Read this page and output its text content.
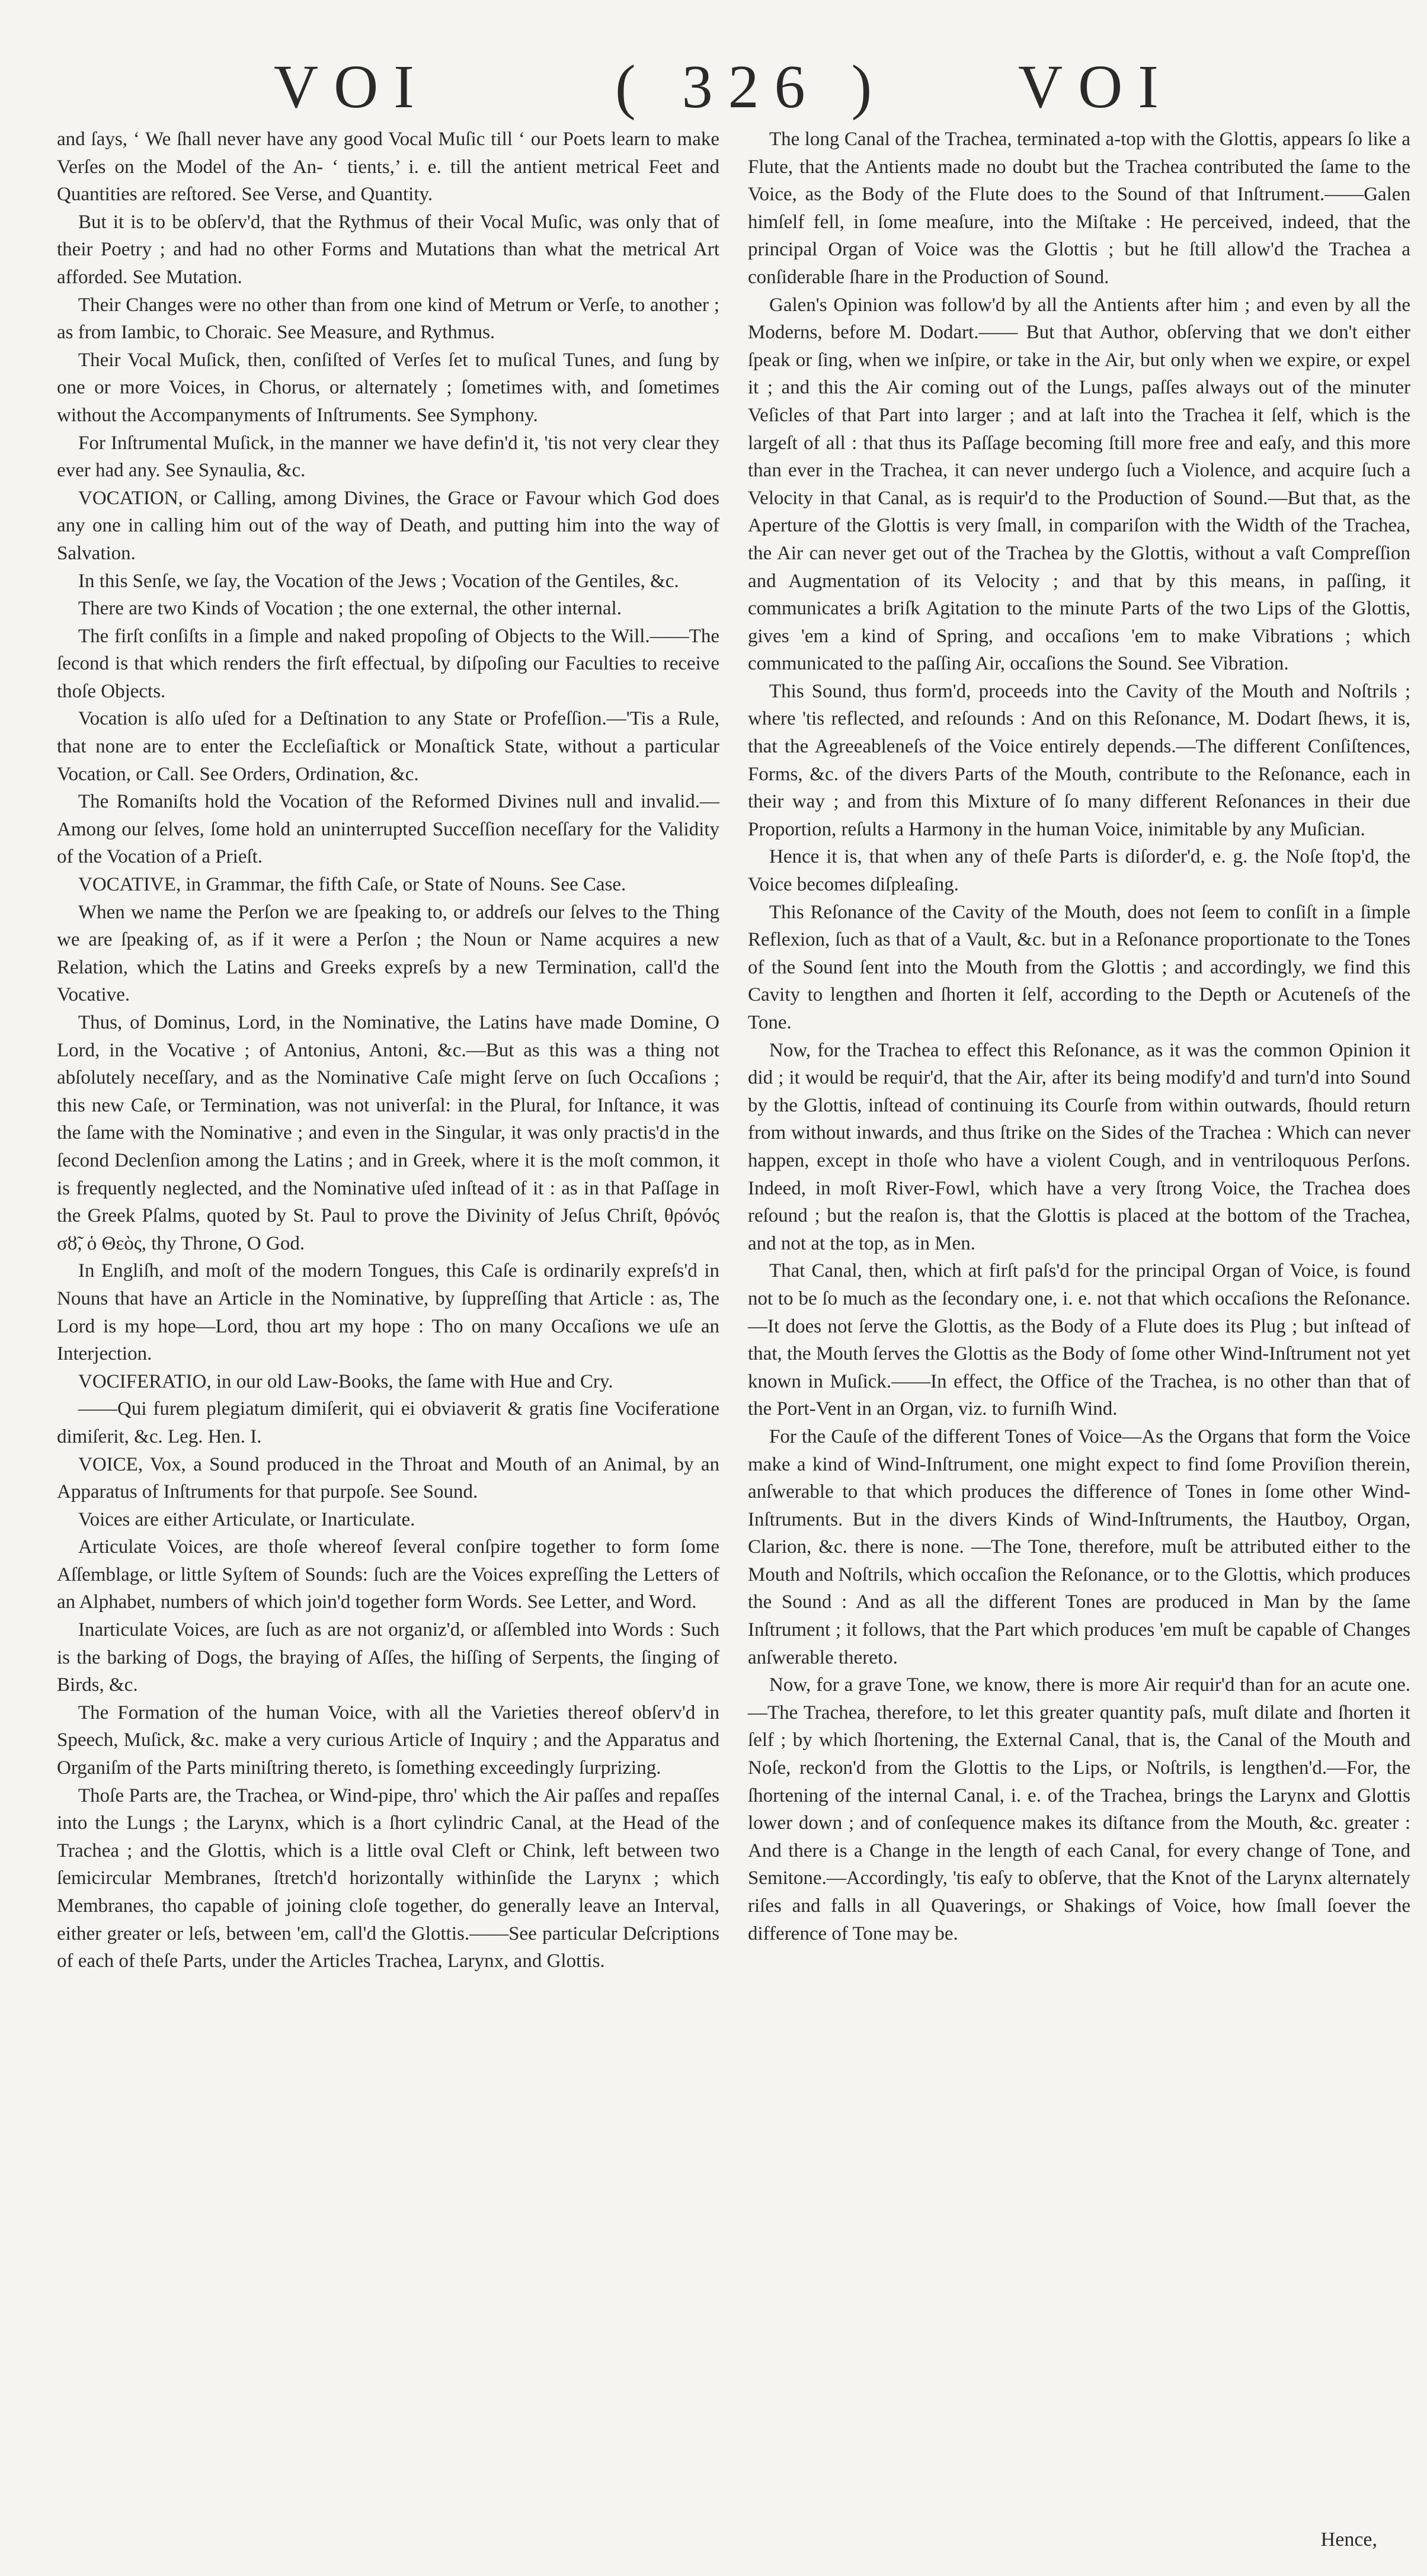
VOI	( 326 ) VOI

and ſays, ‘ We ſhall never have any good Vocal Muſic till ‘ our Poets learn to make Verſes on the Model of the An- ‘ tients,’ i. e. till the antient metrical Feet and Quantities are reſtored. See Verse, and Quantity.

But it is to be obſerv'd, that the Rythmus of their Vocal Muſic, was only that of their Poetry ; and had no other Forms and Mutations than what the metrical Art afforded. See Mutation.

Their Changes were no other than from one kind of Metrum or Verſe, to another ; as from Iambic, to Choraic. See Measure, and Rythmus.

Their Vocal Muſick, then, conſiſted of Verſes ſet to muſical Tunes, and ſung by one or more Voices, in Chorus, or alternately ; ſometimes with, and ſometimes without the Accompanyments of Inſtruments. See Symphony.

For Inſtrumental Muſick, in the manner we have defin'd it, 'tis not very clear they ever had any. See Synaulia, &c.

VOCATION, or Calling, among Divines, the Grace or Favour which God does any one in calling him out of the way of Death, and putting him into the way of Salvation.

In this Senſe, we ſay, the Vocation of the Jews ; Vocation of the Gentiles, &c.

There are two Kinds of Vocation ; the one external, the other internal.

The firſt conſiſts in a ſimple and naked propoſing of Objects to the Will.——The ſecond is that which renders the firſt effectual, by diſpoſing our Faculties to receive thoſe Objects.

Vocation is alſo uſed for a Deſtination to any State or Profeſſion.—'Tis a Rule, that none are to enter the Eccleſiaſtick or Monaſtick State, without a particular Vocation, or Call. See Orders, Ordination, &c.

The Romaniſts hold the Vocation of the Reformed Divines null and invalid.—Among our ſelves, ſome hold an uninterrupted Succeſſion neceſſary for the Validity of the Vocation of a Prieſt.

VOCATIVE, in Grammar, the fifth Caſe, or State of Nouns. See Case.

When we name the Perſon we are ſpeaking to, or addreſs our ſelves to the Thing we are ſpeaking of, as if it were a Perſon ; the Noun or Name acquires a new Relation, which the Latins and Greeks expreſs by a new Termination, call'd the Vocative.

Thus, of Dominus, Lord, in the Nominative, the Latins have made Domine, O Lord, in the Vocative ; of Antonius, Antoni, &c.—But as this was a thing not abſolutely neceſſary, and as the Nominative Caſe might ſerve on ſuch Occaſions ; this new Caſe, or Termination, was not univerſal: in the Plural, for Inſtance, it was the ſame with the Nominative ; and even in the Singular, it was only practis'd in the ſecond Declenſion among the Latins ; and in Greek, where it is the moſt common, it is frequently neglected, and the Nominative uſed inſtead of it : as in that Paſſage in the Greek Pſalms, quoted by St. Paul to prove the Divinity of Jeſus Chriſt, θρόνός σȣ̃, ὁ Θεὸς, thy Throne, O God.

In Engliſh, and moſt of the modern Tongues, this Caſe is ordinarily expreſs'd in Nouns that have an Article in the Nominative, by ſuppreſſing that Article : as, The Lord is my hope—Lord, thou art my hope : Tho on many Occaſions we uſe an Interjection.

VOCIFERATIO, in our old Law-Books, the ſame with Hue and Cry.

——Qui furem plegiatum dimiſerit, qui ei obviaverit & gratis ſine Vociferatione dimiſerit, &c. Leg. Hen. I.

VOICE, Vox, a Sound produced in the Throat and Mouth of an Animal, by an Apparatus of Inſtruments for that purpoſe. See Sound.

Voices are either Articulate, or Inarticulate.

Articulate Voices, are thoſe whereof ſeveral conſpire together to form ſome Aſſemblage, or little Syſtem of Sounds: ſuch are the Voices expreſſing the Letters of an Alphabet, numbers of which join'd together form Words. See Letter, and Word.

Inarticulate Voices, are ſuch as are not organiz'd, or aſſembled into Words : Such is the barking of Dogs, the braying of Aſſes, the hiſſing of Serpents, the ſinging of Birds, &c.

The Formation of the human Voice, with all the Varieties thereof obſerv'd in Speech, Muſick, &c. make a very curious Article of Inquiry ; and the Apparatus and Organiſm of the Parts miniſtring thereto, is ſomething exceedingly ſurprizing.

Thoſe Parts are, the Trachea, or Wind-pipe, thro' which the Air paſſes and repaſſes into the Lungs ; the Larynx, which is a ſhort cylindric Canal, at the Head of the Trachea ; and the Glottis, which is a little oval Cleft or Chink, left between two ſemicircular Membranes, ſtretch'd horizontally withinſide the Larynx ; which Membranes, tho capable of joining cloſe together, do generally leave an Interval, either greater or leſs, between 'em, call'd the Glottis.——See particular Deſcriptions of each of theſe Parts, under the Articles Trachea, Larynx, and Glottis.

The long Canal of the Trachea, terminated a-top with the Glottis, appears ſo like a Flute, that the Antients made no doubt but the Trachea contributed the ſame to the Voice, as the Body of the Flute does to the Sound of that Inſtrument.——Galen himſelf fell, in ſome meaſure, into the Miſtake : He perceived, indeed, that the principal Organ of Voice was the Glottis ; but he ſtill allow'd the Trachea a conſiderable ſhare in the Production of Sound.

Galen's Opinion was follow'd by all the Antients after him ; and even by all the Moderns, before M. Dodart.—— But that Author, obſerving that we don't either ſpeak or ſing, when we inſpire, or take in the Air, but only when we expire, or expel it ; and this the Air coming out of the Lungs, paſſes always out of the minuter Veſicles of that Part into larger ; and at laſt into the Trachea it ſelf, which is the largeſt of all : that thus its Paſſage becoming ſtill more free and eaſy, and this more than ever in the Trachea, it can never undergo ſuch a Violence, and acquire ſuch a Velocity in that Canal, as is requir'd to the Production of Sound.—But that, as the Aperture of the Glottis is very ſmall, in compariſon with the Width of the Trachea, the Air can never get out of the Trachea by the Glottis, without a vaſt Compreſſion and Augmentation of its Velocity ; and that by this means, in paſſing, it communicates a briſk Agitation to the minute Parts of the two Lips of the Glottis, gives 'em a kind of Spring, and occaſions 'em to make Vibrations ; which communicated to the paſſing Air, occaſions the Sound. See Vibration.

This Sound, thus form'd, proceeds into the Cavity of the Mouth and Noſtrils ; where 'tis reflected, and reſounds : And on this Reſonance, M. Dodart ſhews, it is, that the Agreeableneſs of the Voice entirely depends.—The different Conſiſtences, Forms, &c. of the divers Parts of the Mouth, contribute to the Reſonance, each in their way ; and from this Mixture of ſo many different Reſonances in their due Proportion, reſults a Harmony in the human Voice, inimitable by any Muſician.

Hence it is, that when any of theſe Parts is diſorder'd, e. g. the Noſe ſtop'd, the Voice becomes diſpleaſing.

This Reſonance of the Cavity of the Mouth, does not ſeem to conſiſt in a ſimple Reflexion, ſuch as that of a Vault, &c. but in a Reſonance proportionate to the Tones of the Sound ſent into the Mouth from the Glottis ; and accordingly, we find this Cavity to lengthen and ſhorten it ſelf, according to the Depth or Acuteneſs of the Tone.

Now, for the Trachea to effect this Reſonance, as it was the common Opinion it did ; it would be requir'd, that the Air, after its being modify'd and turn'd into Sound by the Glottis, inſtead of continuing its Courſe from within outwards, ſhould return from without inwards, and thus ſtrike on the Sides of the Trachea : Which can never happen, except in thoſe who have a violent Cough, and in ventriloquous Perſons. Indeed, in moſt River-Fowl, which have a very ſtrong Voice, the Trachea does reſound ; but the reaſon is, that the Glottis is placed at the bottom of the Trachea, and not at the top, as in Men.

That Canal, then, which at firſt paſs'd for the principal Organ of Voice, is found not to be ſo much as the ſecondary one, i. e. not that which occaſions the Reſonance.—It does not ſerve the Glottis, as the Body of a Flute does its Plug ; but inſtead of that, the Mouth ſerves the Glottis as the Body of ſome other Wind-Inſtrument not yet known in Muſick.——In effect, the Office of the Trachea, is no other than that of the Port-Vent in an Organ, viz. to furniſh Wind.

For the Cauſe of the different Tones of Voice—As the Organs that form the Voice make a kind of Wind-Inſtrument, one might expect to find ſome Proviſion therein, anſwerable to that which produces the difference of Tones in ſome other Wind-Inſtruments. But in the divers Kinds of Wind-Inſtruments, the Hautboy, Organ, Clarion, &c. there is none. —The Tone, therefore, muſt be attributed either to the Mouth and Noſtrils, which occaſion the Reſonance, or to the Glottis, which produces the Sound : And as all the different Tones are produced in Man by the ſame Inſtrument ; it follows, that the Part which produces 'em muſt be capable of Changes anſwerable thereto.

Now, for a grave Tone, we know, there is more Air requir'd than for an acute one.—The Trachea, therefore, to let this greater quantity paſs, muſt dilate and ſhorten it ſelf ; by which ſhortening, the External Canal, that is, the Canal of the Mouth and Noſe, reckon'd from the Glottis to the Lips, or Noſtrils, is lengthen'd.—For, the ſhortening of the internal Canal, i. e. of the Trachea, brings the Larynx and Glottis lower down ; and of conſequence makes its diſtance from the Mouth, &c. greater : And there is a Change in the length of each Canal, for every change of Tone, and Semitone.—Accordingly, 'tis eaſy to obſerve, that the Knot of the Larynx alternately riſes and falls in all Quaverings, or Shakings of Voice, how ſmall ſoever the difference of Tone may be.

Hence,
